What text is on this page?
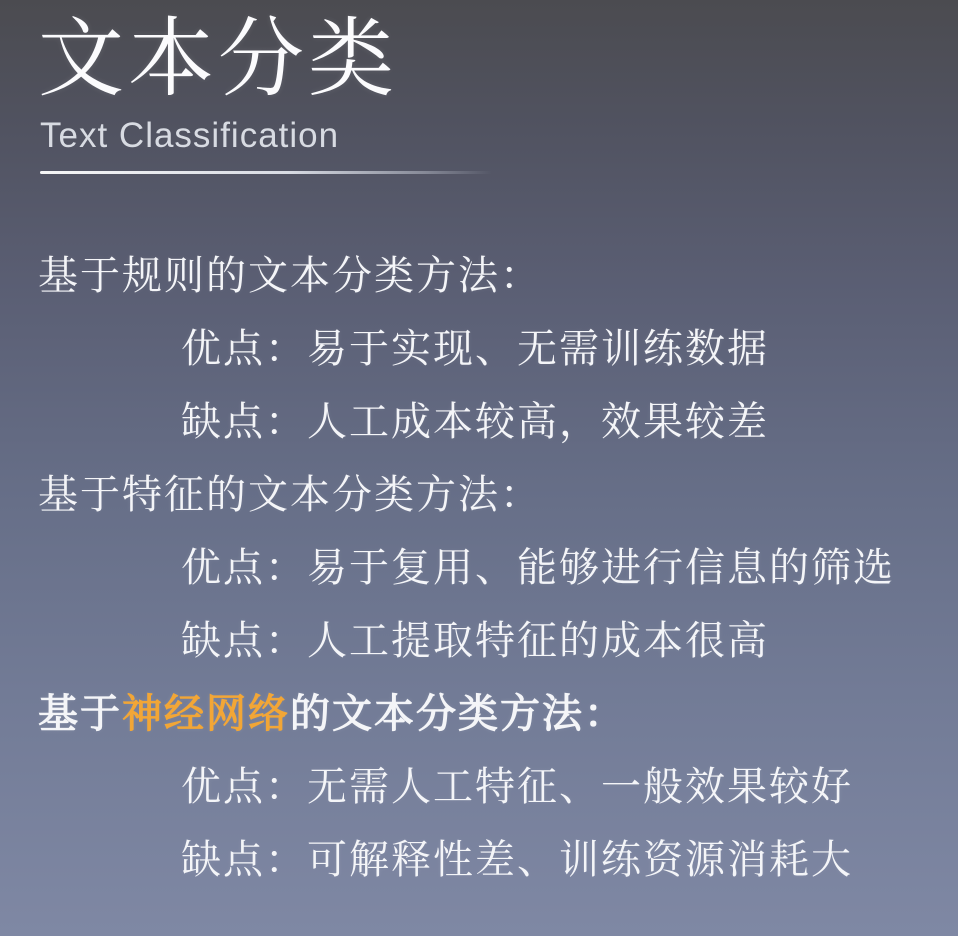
文本分类
Text Classification
基于 规则的文本分类方法：
优点：易于实现、无需训练数据
缺点：人工成本较高，效果较差
基于 特征的文本分类方法：
优点：易于复用、能够进行信息的筛选
缺点：人工提取特征的成本很高
基于 神经网络 的文本分类方法：
优点：无需人工特征、一般效果较好
缺点：可解释性差、训练资源消耗大
